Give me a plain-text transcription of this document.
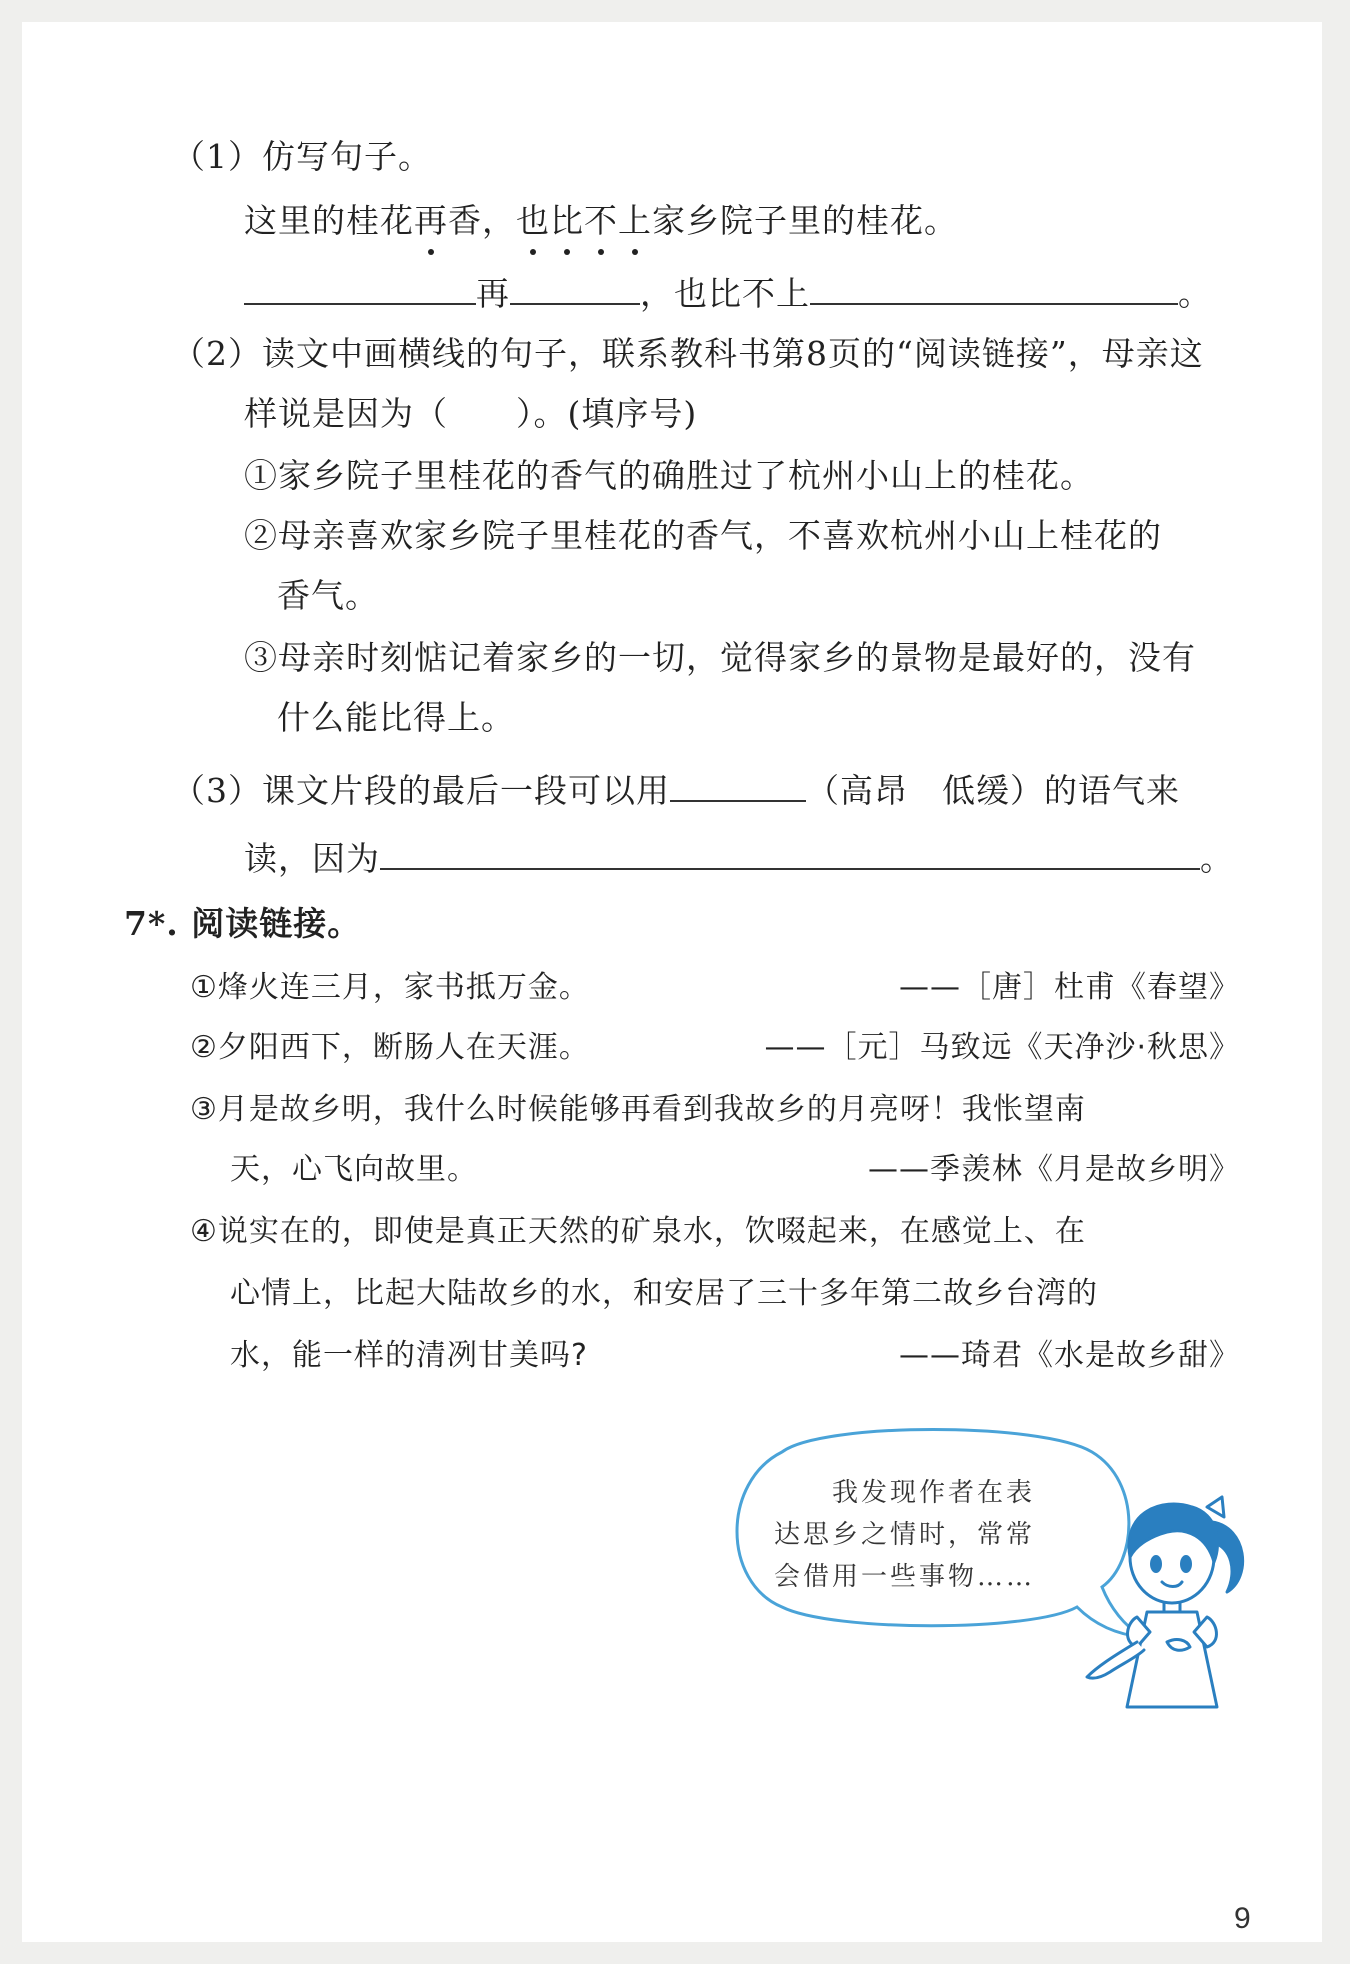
（1）仿写句子。
这里的桂花再香，也比不上家乡院子里的桂花。
再	，也比不上	。
（2）读文中画横线的句子，联系教科书第8页的“阅读链接”，母亲这
样说是因为（　　）。(填序号)
①家乡院子里桂花的香气的确胜过了杭州小山上的桂花。
②母亲喜欢家乡院子里桂花的香气，不喜欢杭州小山上桂花的
香气。
③母亲时刻惦记着家乡的一切，觉得家乡的景物是最好的，没有
什么能比得上。
（3）课文片段的最后一段可以用	（高昂　低缓）的语气来
读，因为	。
7*. 阅读链接。
①烽火连三月，家书抵万金。	——［唐］杜甫《春望》
②夕阳西下，断肠人在天涯。	——［元］马致远《天净沙·秋思》
③月是故乡明，我什么时候能够再看到我故乡的月亮呀！我怅望南
天，心飞向故里。	——季羡林《月是故乡明》
④说实在的，即使是真正天然的矿泉水，饮啜起来，在感觉上、在
心情上，比起大陆故乡的水，和安居了三十多年第二故乡台湾的
水，能一样的清冽甘美吗?	——琦君《水是故乡甜》
我发现作者在表
达思乡之情时，常常
会借用一些事物……
9
